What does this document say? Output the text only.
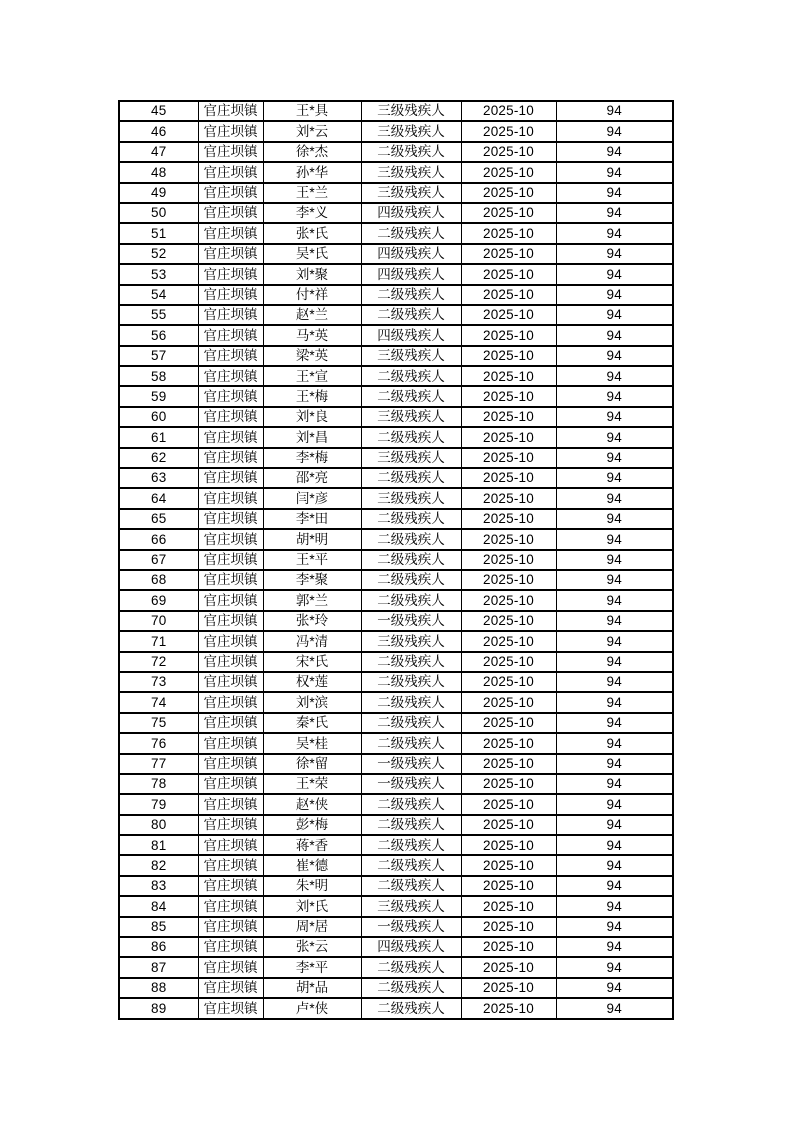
45	官庄坝镇	王*具	三级残疾人	2025-10	94
46	官庄坝镇	刘*云	三级残疾人	2025-10	94
47	官庄坝镇	徐*杰	二级残疾人	2025-10	94
48	官庄坝镇	孙*华	三级残疾人	2025-10	94
49	官庄坝镇	王*兰	三级残疾人	2025-10	94
50	官庄坝镇	李*义	四级残疾人	2025-10	94
51	官庄坝镇	张*氏	二级残疾人	2025-10	94
52	官庄坝镇	吴*氏	四级残疾人	2025-10	94
53	官庄坝镇	刘*聚	四级残疾人	2025-10	94
54	官庄坝镇	付*祥	二级残疾人	2025-10	94
55	官庄坝镇	赵*兰	二级残疾人	2025-10	94
56	官庄坝镇	马*英	四级残疾人	2025-10	94
57	官庄坝镇	梁*英	三级残疾人	2025-10	94
58	官庄坝镇	王*宣	二级残疾人	2025-10	94
59	官庄坝镇	王*梅	二级残疾人	2025-10	94
60	官庄坝镇	刘*良	三级残疾人	2025-10	94
61	官庄坝镇	刘*昌	二级残疾人	2025-10	94
62	官庄坝镇	李*梅	三级残疾人	2025-10	94
63	官庄坝镇	邵*亮	二级残疾人	2025-10	94
64	官庄坝镇	闫*彦	三级残疾人	2025-10	94
65	官庄坝镇	李*田	二级残疾人	2025-10	94
66	官庄坝镇	胡*明	二级残疾人	2025-10	94
67	官庄坝镇	王*平	二级残疾人	2025-10	94
68	官庄坝镇	李*聚	二级残疾人	2025-10	94
69	官庄坝镇	郭*兰	二级残疾人	2025-10	94
70	官庄坝镇	张*玲	一级残疾人	2025-10	94
71	官庄坝镇	冯*清	三级残疾人	2025-10	94
72	官庄坝镇	宋*氏	二级残疾人	2025-10	94
73	官庄坝镇	权*莲	二级残疾人	2025-10	94
74	官庄坝镇	刘*滨	二级残疾人	2025-10	94
75	官庄坝镇	秦*氏	二级残疾人	2025-10	94
76	官庄坝镇	吴*桂	二级残疾人	2025-10	94
77	官庄坝镇	徐*留	一级残疾人	2025-10	94
78	官庄坝镇	王*荣	一级残疾人	2025-10	94
79	官庄坝镇	赵*侠	二级残疾人	2025-10	94
80	官庄坝镇	彭*梅	二级残疾人	2025-10	94
81	官庄坝镇	蒋*香	二级残疾人	2025-10	94
82	官庄坝镇	崔*德	二级残疾人	2025-10	94
83	官庄坝镇	朱*明	二级残疾人	2025-10	94
84	官庄坝镇	刘*氏	三级残疾人	2025-10	94
85	官庄坝镇	周*居	一级残疾人	2025-10	94
86	官庄坝镇	张*云	四级残疾人	2025-10	94
87	官庄坝镇	李*平	二级残疾人	2025-10	94
88	官庄坝镇	胡*品	二级残疾人	2025-10	94
89	官庄坝镇	卢*侠	二级残疾人	2025-10	94
